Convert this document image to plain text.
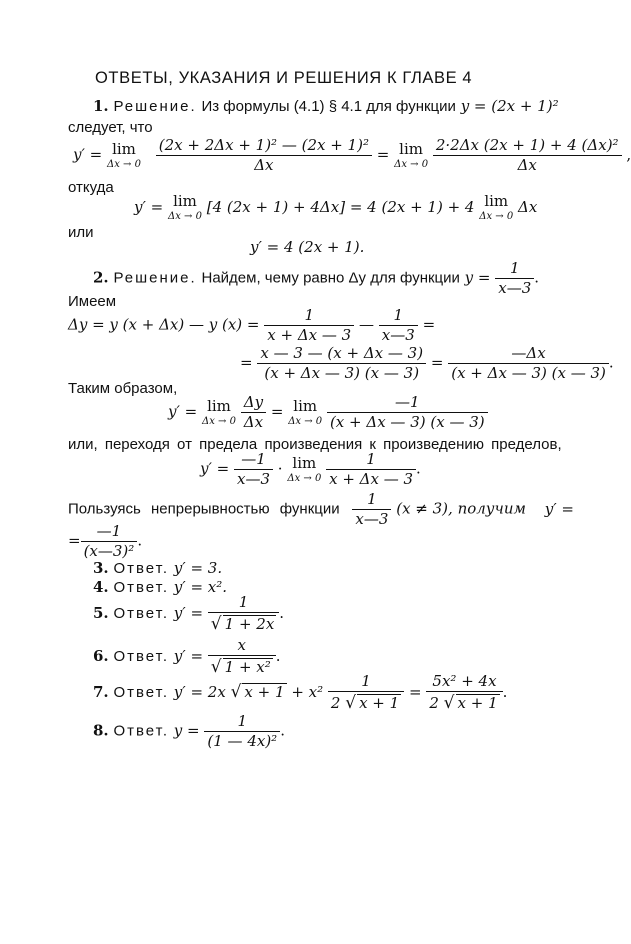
ОТВЕТЫ, УКАЗАНИЯ И РЕШЕНИЯ К ГЛАВЕ 4
1. Решение. Из формулы (4.1) § 4.1 для функции y = (2x + 1)²
следует, что
y′ = lim
Δx → 0
$\frac{\text{(2x + 2Δx + 1)² — (2x + 1)²}}{\Delta x} = \lim$
Δx → 0
$\frac{\text{2·2Δx (2x + 1) + 4 (Δx)²}}{\Delta x}$ ,
откуда
y′ = lim
Δx → 0
[4 (2x + 1) + 4Δx] = 4 (2x + 1) + 4 lim
Δx → 0
Δx
или
y′ = 4 (2x + 1).
2. Решение. Найдем, чему равно Δy для функции $y = \frac{1}{x—3}$ .
Имеем
Δy = y (x + Δx) — y $(x) = \frac{1}{x + \Delta x — 3}$ — $\frac{1}{x—3}$ =
= $\frac{x — 3 — (x + \Delta x — 3)}{(x + \Delta x — 3) (x — 3)} = \frac{—\Delta x}{(x + \Delta x — 3) (x — 3)}$ .
Таким образом,
y′ = lim
Δx → 0
$\frac{\Delta y}{\Delta x} = \lim$
Δx → 0
$\frac{—1}{(x + \Delta x — 3) (x — 3)}$
или, переходя от предела произведения к произведению пределов,
$y' = \frac{—1}{x—3} \cdot \lim$
Δx → 0
$\frac{1}{x + \Delta x — 3}$ .
Пользуясь непрерывностью функции $\frac{1}{x—3} (x \ne 3)$, получим y′ =
= $\frac{—1}{\text{(x—3)²}}$ .
3. Ответ. y′ = 3.
4. Ответ. y′ = x².
5. Ответ. $y' = \frac{1}{√ 1 + 2x}$ .
6. Ответ. $y' = \frac{x}{\text{√ 1 + x²}}$ .
7. Ответ. y′ = 2x √ $x + 1 + x^2 \frac{1}{2 √ x + 1} = \frac{\text{5x² + 4x}}{2 √ x + 1}$ .
8. Ответ. $y = \frac{1}{\text{(1 — 4x)²}}$ .
